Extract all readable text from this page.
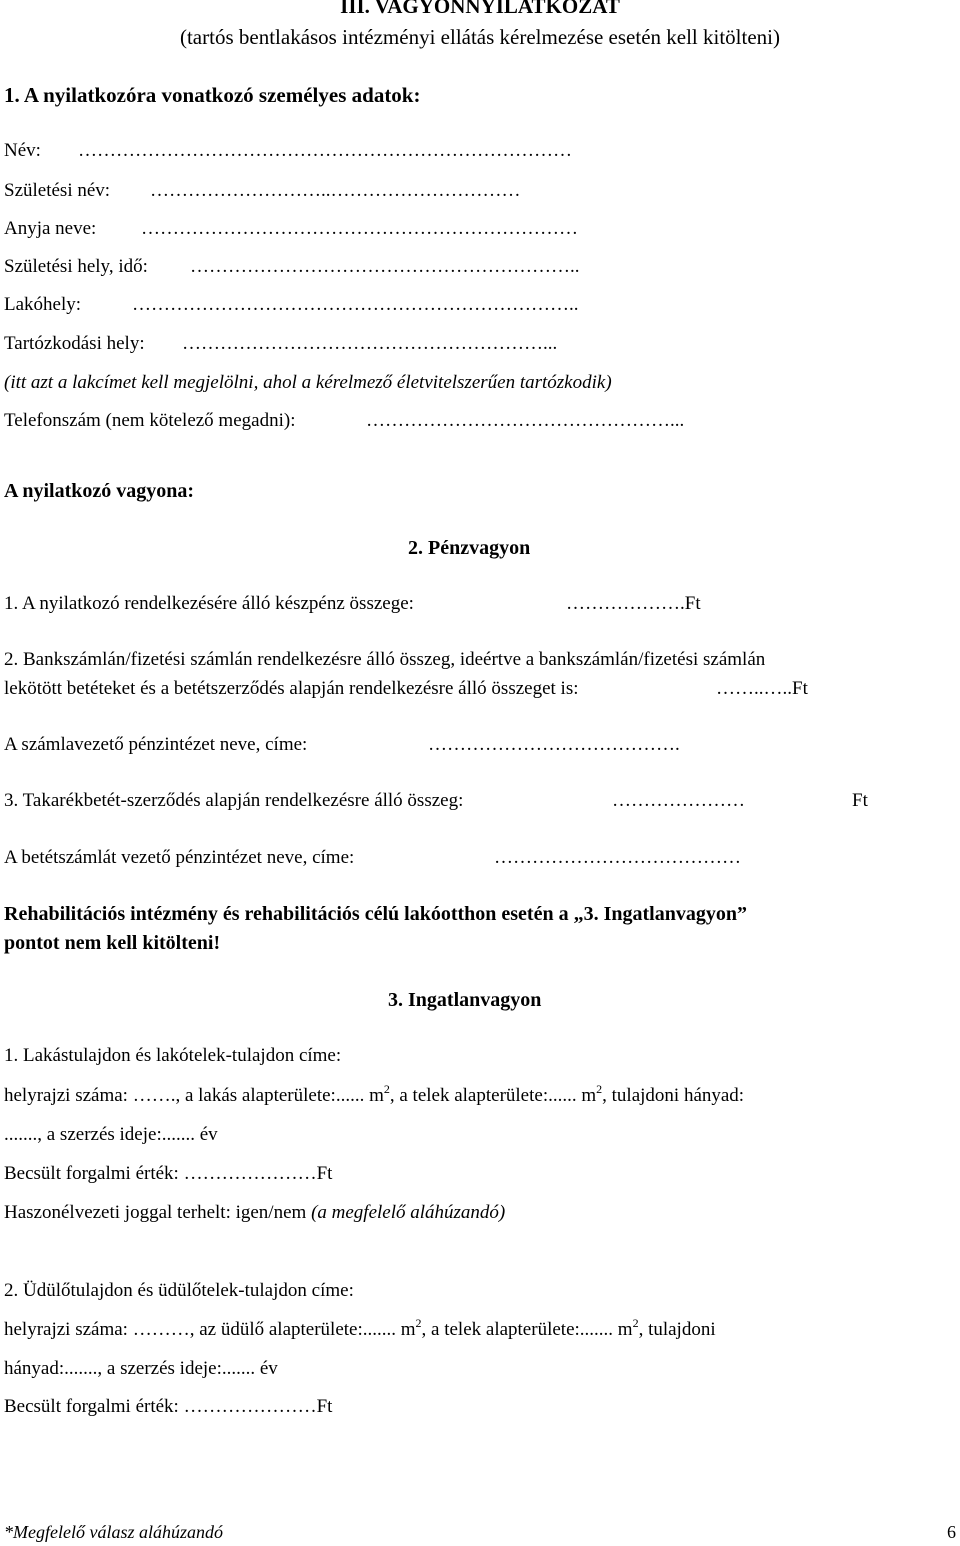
III. VAGYONNYILATKOZAT
(tartós bentlakásos intézményi ellátás kérelmezése esetén kell kitölteni)
1. A nyilatkozóra vonatkozó személyes adatok:
Név: ……………………………………………………………………
Születési név: ………………………..…………………………
Anyja neve: ……………………………………………………………
Születési hely, idő: ……………………………………………………..
Lakóhely:	……………………………………………………………..
Tartózkodási hely: …………………………………………………...
(itt azt a lakcímet kell megjelölni, ahol a kérelmező életvitelszerűen tartózkodik)
Telefonszám (nem kötelező megadni):	…………………………………………...
A nyilatkozó vagyona:
2. Pénzvagyon
1. A nyilatkozó rendelkezésére álló készpénz összege:	……………….Ft
2. Bankszámlán/fizetési számlán rendelkezésre álló összeg, ideértve a bankszámlán/fizetési számlán
lekötött betéteket és a betétszerződés alapján rendelkezésre álló összeget is:	……..…..Ft
A számlavezető pénzintézet neve, címe:	………………………………….
3. Takarékbetét-szerződés alapján rendelkezésre álló összeg:	…………………	Ft
A betétszámlát vezető pénzintézet neve, címe:	…………………………………
Rehabilitációs intézmény és rehabilitációs célú lakóotthon esetén a „3. Ingatlanvagyon”
pontot nem kell kitölteni!
3. Ingatlanvagyon
1. Lakástulajdon és lakótelek-tulajdon címe:
helyrajzi száma: ……., a lakás alapterülete:...... $m^2$, a telek alapterülete:...... $m^2$, tulajdoni hányad:
......., a szerzés ideje:....... év
Becsült forgalmi érték: …………………Ft
Haszonélvezeti joggal terhelt: igen/nem (a megfelelő aláhúzandó)
2. Üdülőtulajdon és üdülőtelek-tulajdon címe:
helyrajzi száma: ………, az üdülő alapterülete:....... $m^2$, a telek alapterülete:....... $m^2$, tulajdoni
hányad:......., a szerzés ideje:....... év
Becsült forgalmi érték: …………………Ft
*Megfelelő válasz aláhúzandó	6
